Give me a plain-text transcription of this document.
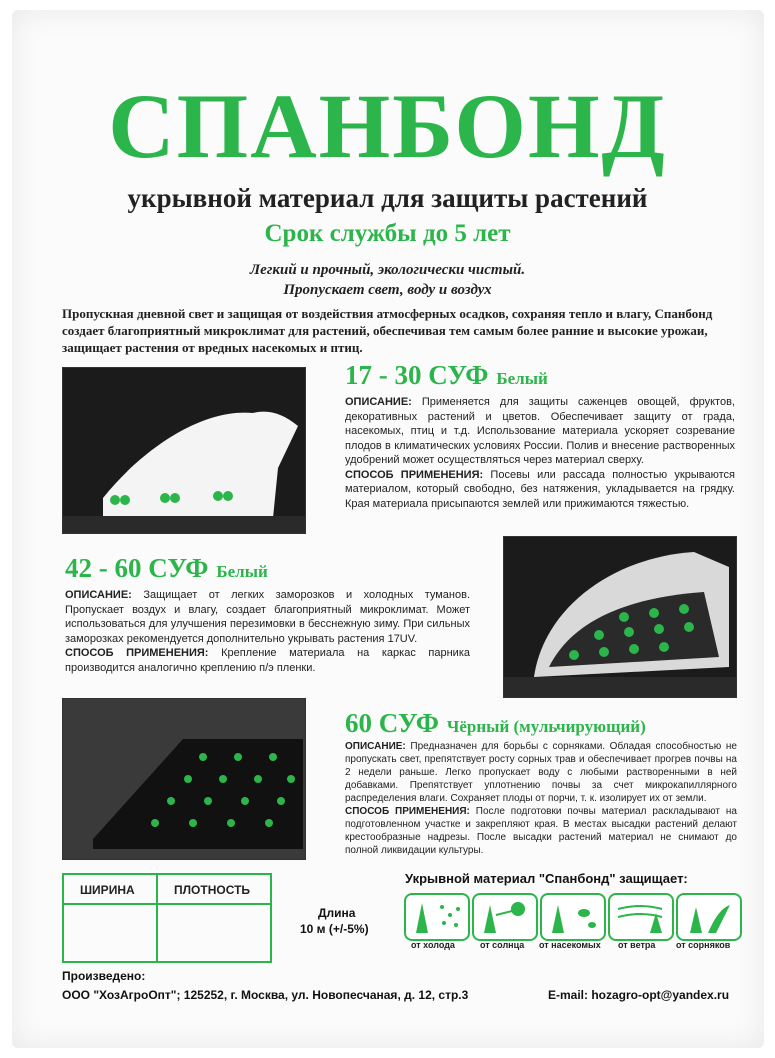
СПАНБОНД
укрывной материал для защиты растений
Срок службы до 5 лет
Легкий и прочный, экологически чистый.
Пропускает свет, воду и воздух
Пропускная дневной свет и защищая от воздействия атмосферных осадков, сохраняя тепло и влагу, Спанбонд создает благоприятный микроклимат для растений, обеспечивая тем самым более ранние и высокие урожаи, защищает растения от вредных насекомых и птиц.
17 - 30 СУФ Белый
ОПИСАНИЕ: Применяется для защиты саженцев овощей, фруктов, декоративных растений и цветов. Обеспечивает защиту от града, насекомых, птиц и т.д. Использование материала ускоряет созревание плодов в климатических условиях России. Полив и внесение растворенных удобрений может осуществляться через материал сверху.
СПОСОБ ПРИМЕНЕНИЯ: Посевы или рассада полностью укрываются материалом, который свободно, без натяжения, укладывается на грядку. Края материала присыпаются землей или прижимаются тяжестью.
42 - 60 СУФ Белый
ОПИСАНИЕ: Защищает от легких заморозков и холодных туманов. Пропускает воздух и влагу, создает благоприятный микроклимат. Может использоваться для улучшения перезимовки в бесснежную зиму. При сильных заморозках рекомендуется дополнительно укрывать растения 17UV.
СПОСОБ ПРИМЕНЕНИЯ: Крепление материала на каркас парника производится аналогично креплению п/э пленки.
60 СУФ Чёрный (мульчирующий)
ОПИСАНИЕ: Предназначен для борьбы с сорняками. Обладая способностью не пропускать свет, препятствует росту сорных трав и обеспечивает прогрев почвы на 2 недели раньше. Легко пропускает воду с любыми растворенными в ней добавками. Препятствует уплотнению почвы за счет микрокапиллярного распределения влаги. Сохраняет плоды от порчи, т. к. изолирует их от земли.
СПОСОБ ПРИМЕНЕНИЯ: После подготовки почвы материал раскладывают на подготовленном участке и закрепляют края. В местах высадки растений делают крестообразные надрезы. После высадки растений материал не снимают до полной ликвидации культуры.
ШИРИНА	ПЛОТНОСТЬ
Длина
10 м (+/-5%)
Укрывной материал "Спанбонд" защищает:
от холода	от солнца от насекомых от ветра от сорняков
Произведено:
ООО "ХозАгроОпт"; 125252, г. Москва, ул. Новопесчаная, д. 12, стр.3	E-mail: hozagro-opt@yandex.ru
